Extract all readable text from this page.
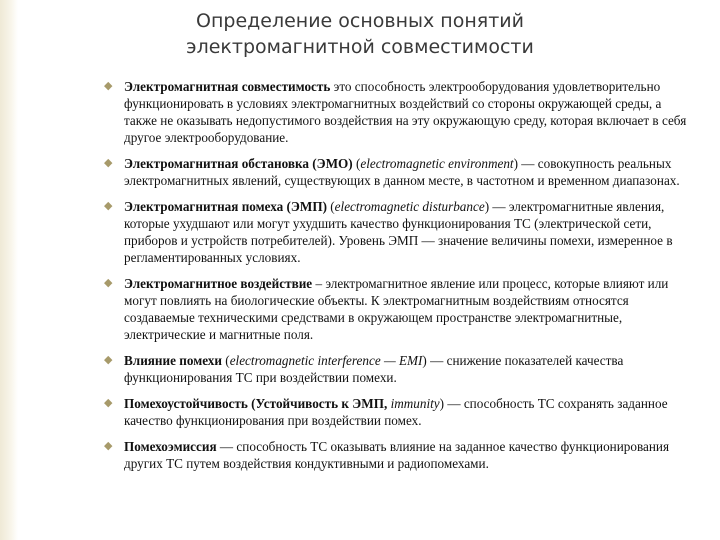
Определение основных понятий электромагнитной совместимости
◆ Электромагнитная совместимость это способность электрооборудования удовлетворительно функционировать в условиях электромагнитных воздействий со стороны окружающей среды, а также не оказывать недопустимого воздействия на эту окружающую среду, которая включает в себя другое электрооборудование.
◆ Электромагнитная обстановка (ЭМО) (electromagnetic environment) — совокупность реальных электромагнитных явлений, существующих в данном месте, в частотном и временном диапазонах.
◆ Электромагнитная помеха (ЭМП) (electromagnetic disturbance) — электромагнитные явления, которые ухудшают или могут ухудшить качество функционирования ТС (электрической сети, приборов и устройств потребителей). Уровень ЭМП — значение величины помехи, измеренное в регламентированных условиях.
◆ Электромагнитное воздействие – электромагнитное явление или процесс, которые влияют или могут повлиять на биологические объекты. К электромагнитным воздействиям относятся создаваемые техническими средствами в окружающем пространстве электромагнитные, электрические и магнитные поля.
◆ Влияние помехи (electromagnetic interference — EMI) — снижение показателей качества функционирования ТС при воздействии помехи.
◆ Помехоустойчивость (Устойчивость к ЭМП, immunity) — способность ТС сохранять заданное качество функционирования при воздействии помех.
◆ Помехоэмиссия — способность ТС оказывать влияние на заданное качество функционирования других ТС путем воздействия кондуктивными и радиопомехами.
